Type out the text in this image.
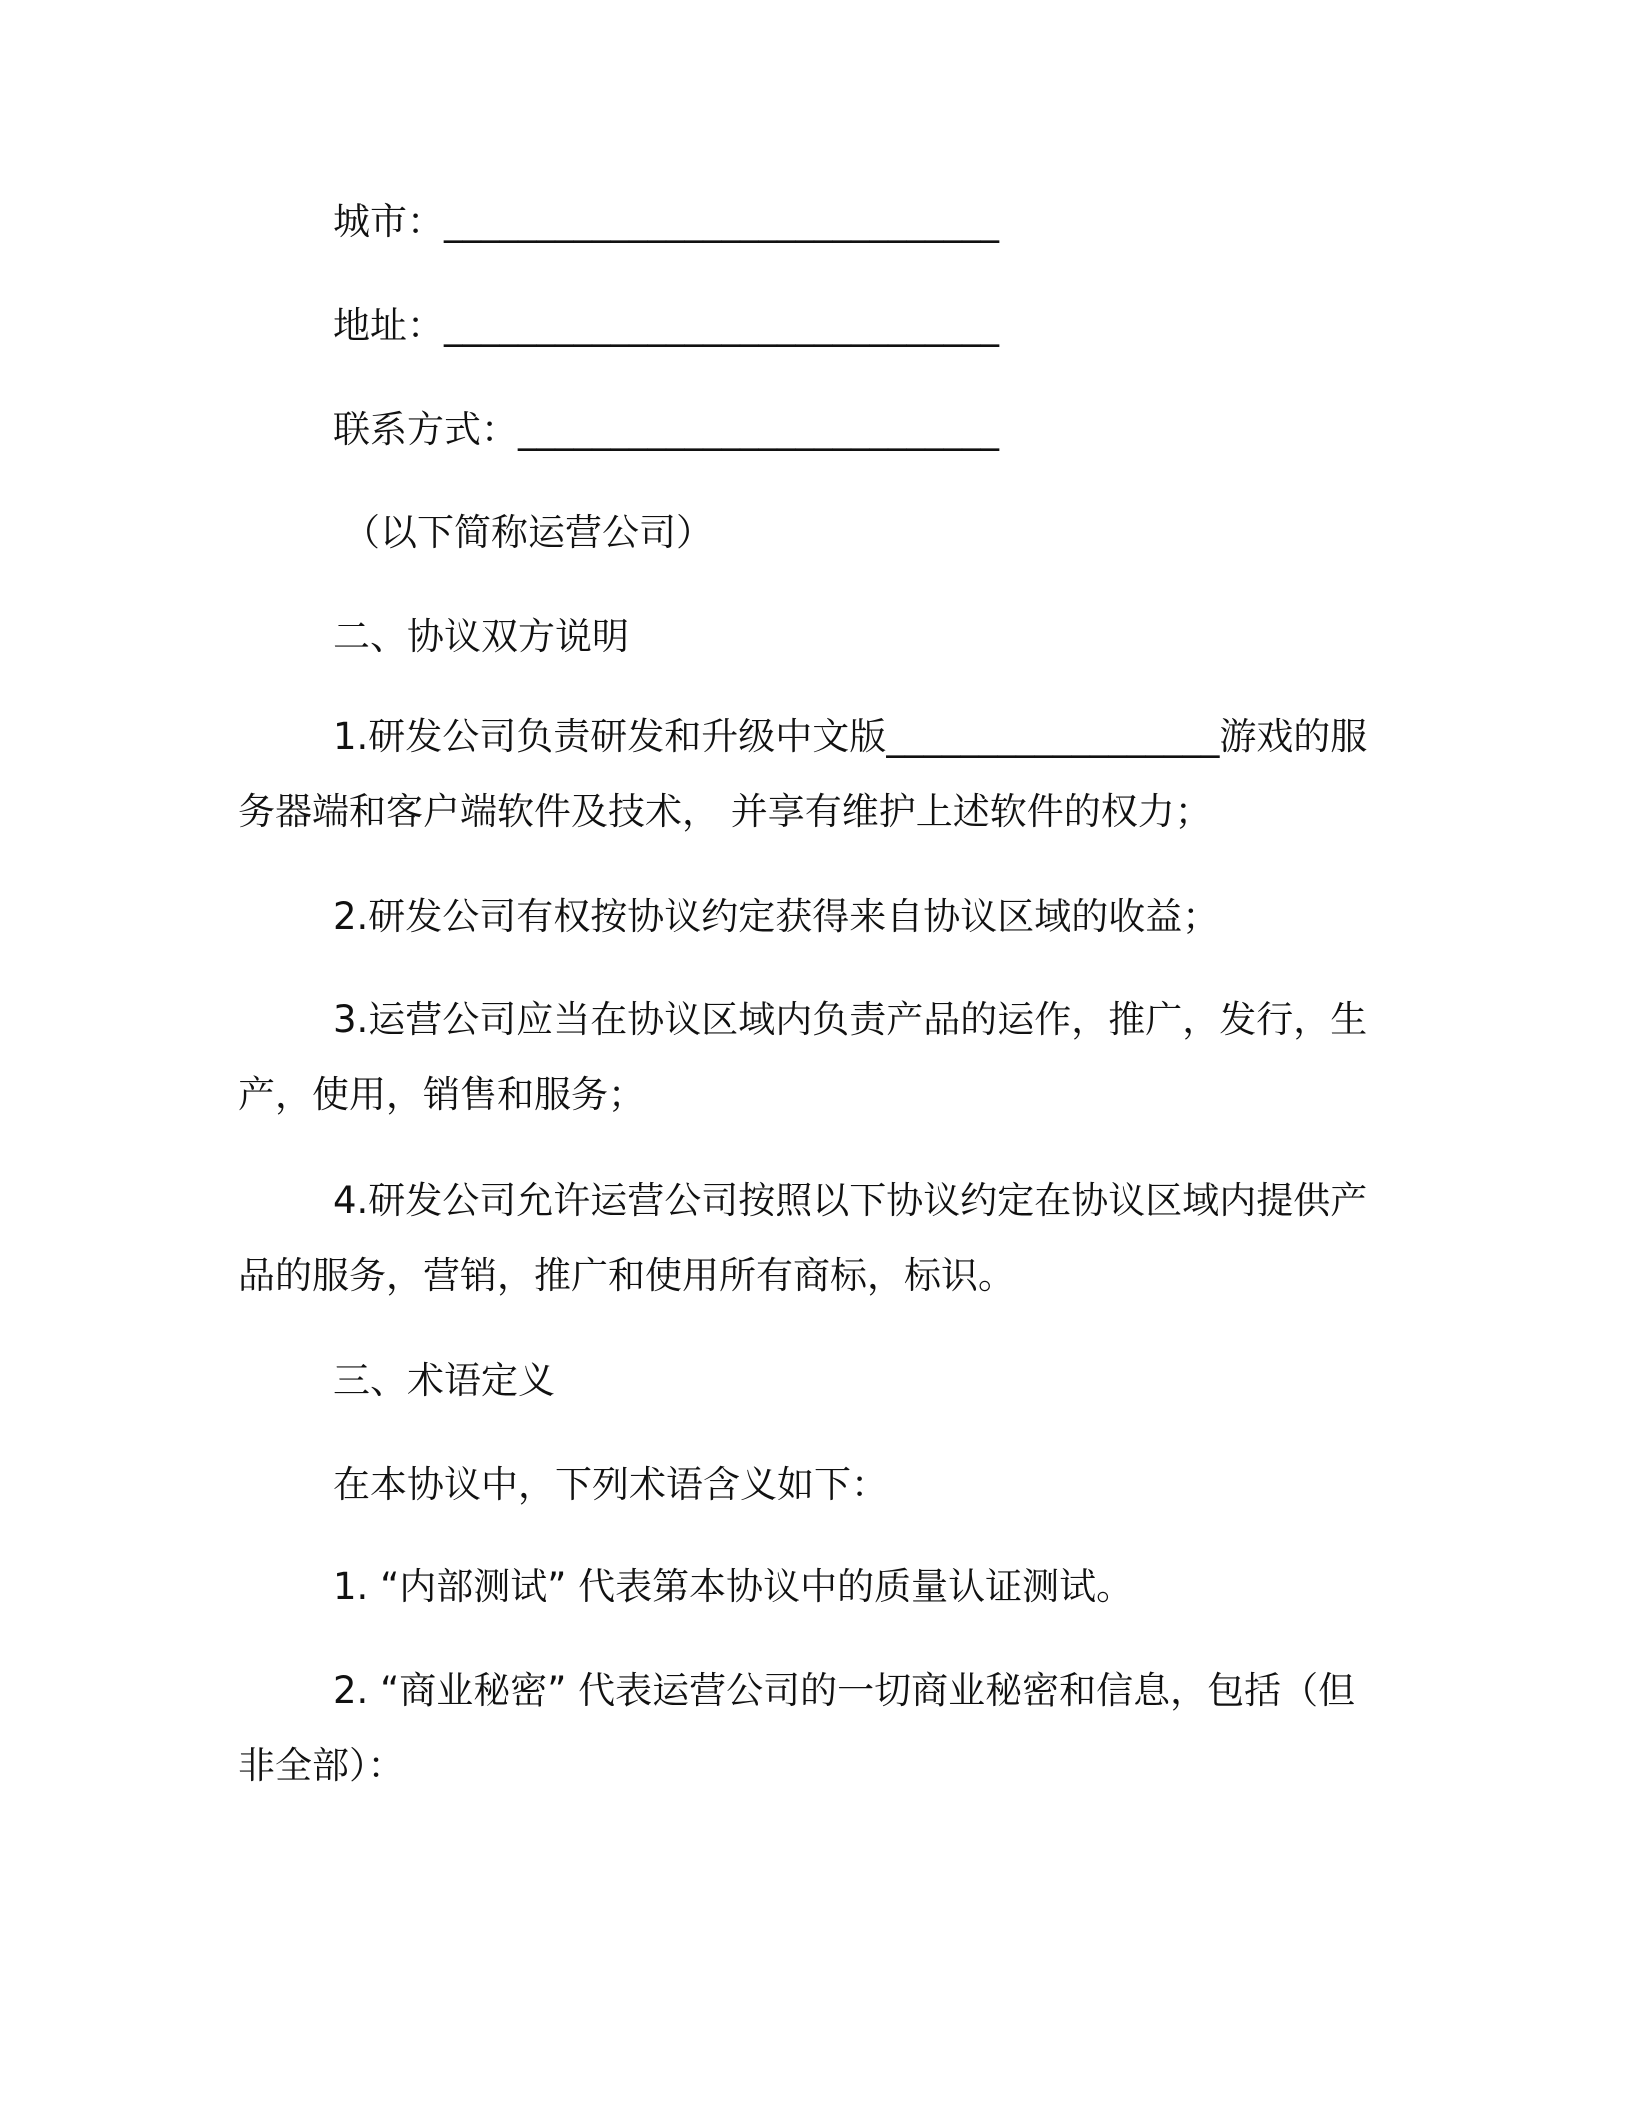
城市：______________________________
地址：______________________________
联系方式：__________________________
（以下简称运营公司）
二、协议双方说明
1.研发公司负责研发和升级中文版__________________游戏的服
务器端和客户端软件及技术， 并享有维护上述软件的权力；
2.研发公司有权按协议约定获得来自协议区域的收益；
3.运营公司应当在协议区域内负责产品的运作，推广，发行，生
产，使用，销售和服务；
4.研发公司允许运营公司按照以下协议约定在协议区域内提供产
品的服务，营销，推广和使用所有商标，标识。
三、术语定义
在本协议中，下列术语含义如下：
1. “内部测试” 代表第本协议中的质量认证测试。
2. “商业秘密” 代表运营公司的一切商业秘密和信息，包括（但
非全部）：
